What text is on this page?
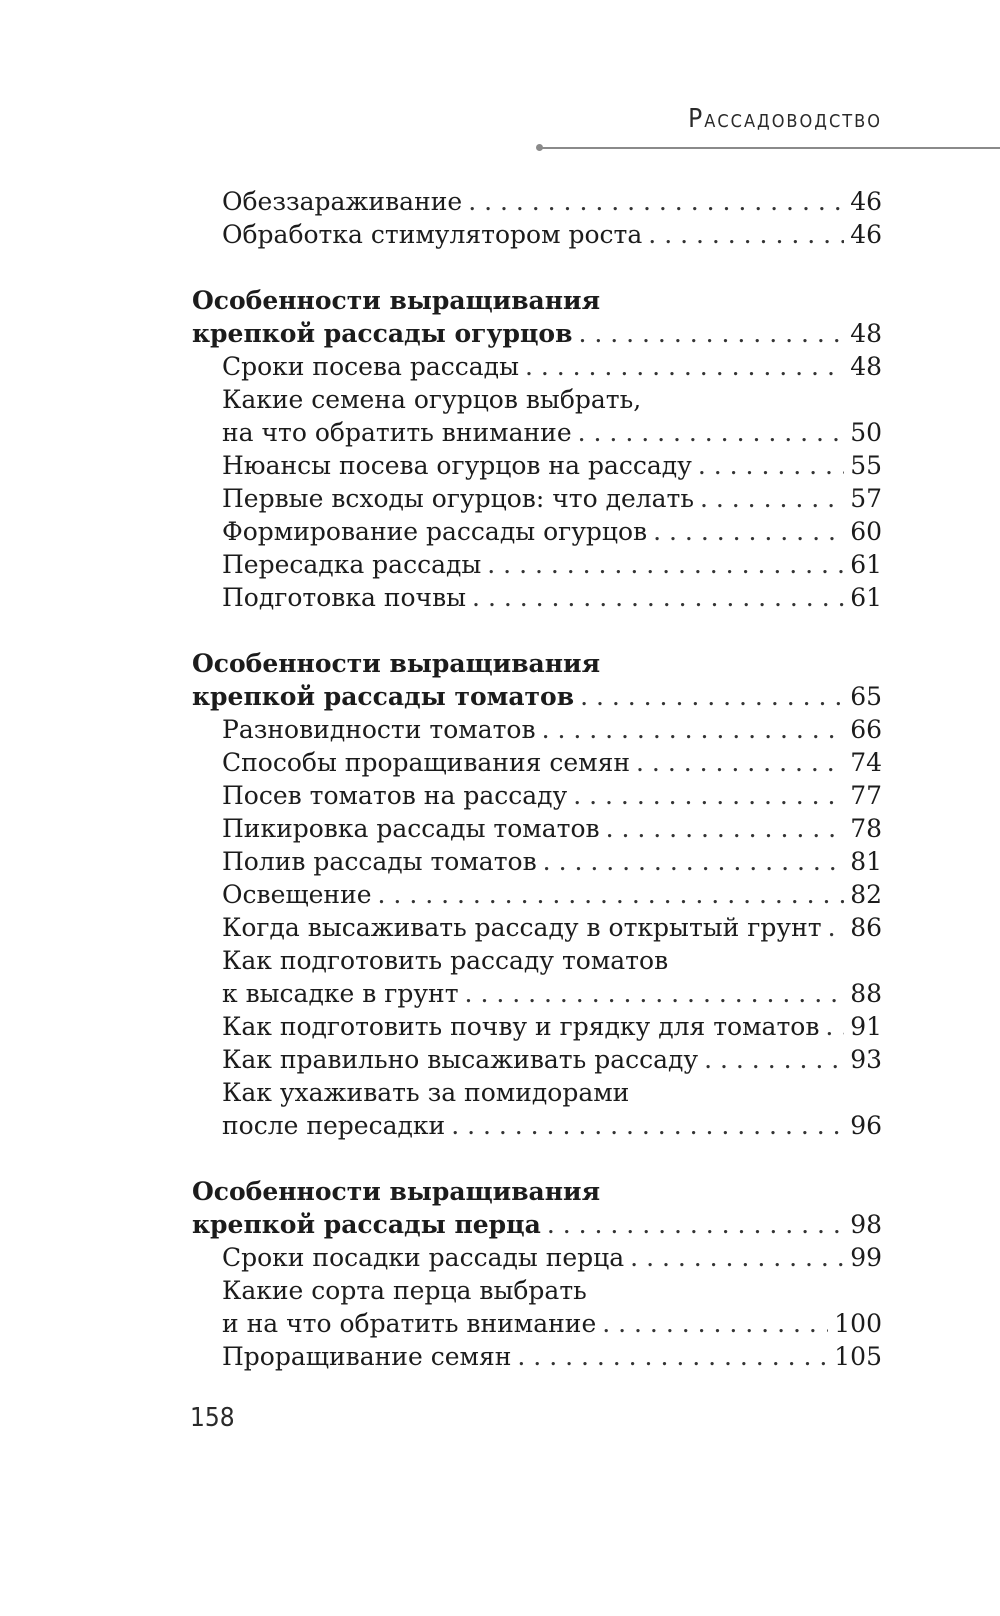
Рассадоводство
Обеззараживание . . .	46
Обработка стимулятором роста . . .	46
Особенности выращивания
крепкой рассады огурцов . . .	48
Сроки посева рассады . . .	48
Какие семена огурцов выбрать,
на что обратить внимание . . .	50
Нюансы посева огурцов на рассаду . . .	55
Первые всходы огурцов: что делать . . .	57
Формирование рассады огурцов . . .	60
Пересадка рассады . . .	61
Подготовка почвы . . .	61
Особенности выращивания
крепкой рассады томатов . . .	65
Разновидности томатов . . .	66
Способы проращивания семян . . .	74
Посев томатов на рассаду . . .	77
Пикировка рассады томатов . . .	78
Полив рассады томатов . . .	81
Освещение . . .	82
Когда высаживать рассаду в открытый грунт . . . 86
Как подготовить рассаду томатов
к высадке в грунт . . .	88
Как подготовить почву и грядку для томатов . . . 91
Как правильно высаживать рассаду . . .	93
Как ухаживать за помидорами
после пересадки . . .	96
Особенности выращивания
крепкой рассады перца . . .	98
Сроки посадки рассады перца . . .	99
Какие сорта перца выбрать
и на что обратить внимание . . .	100
Проращивание семян . . .	105
158
